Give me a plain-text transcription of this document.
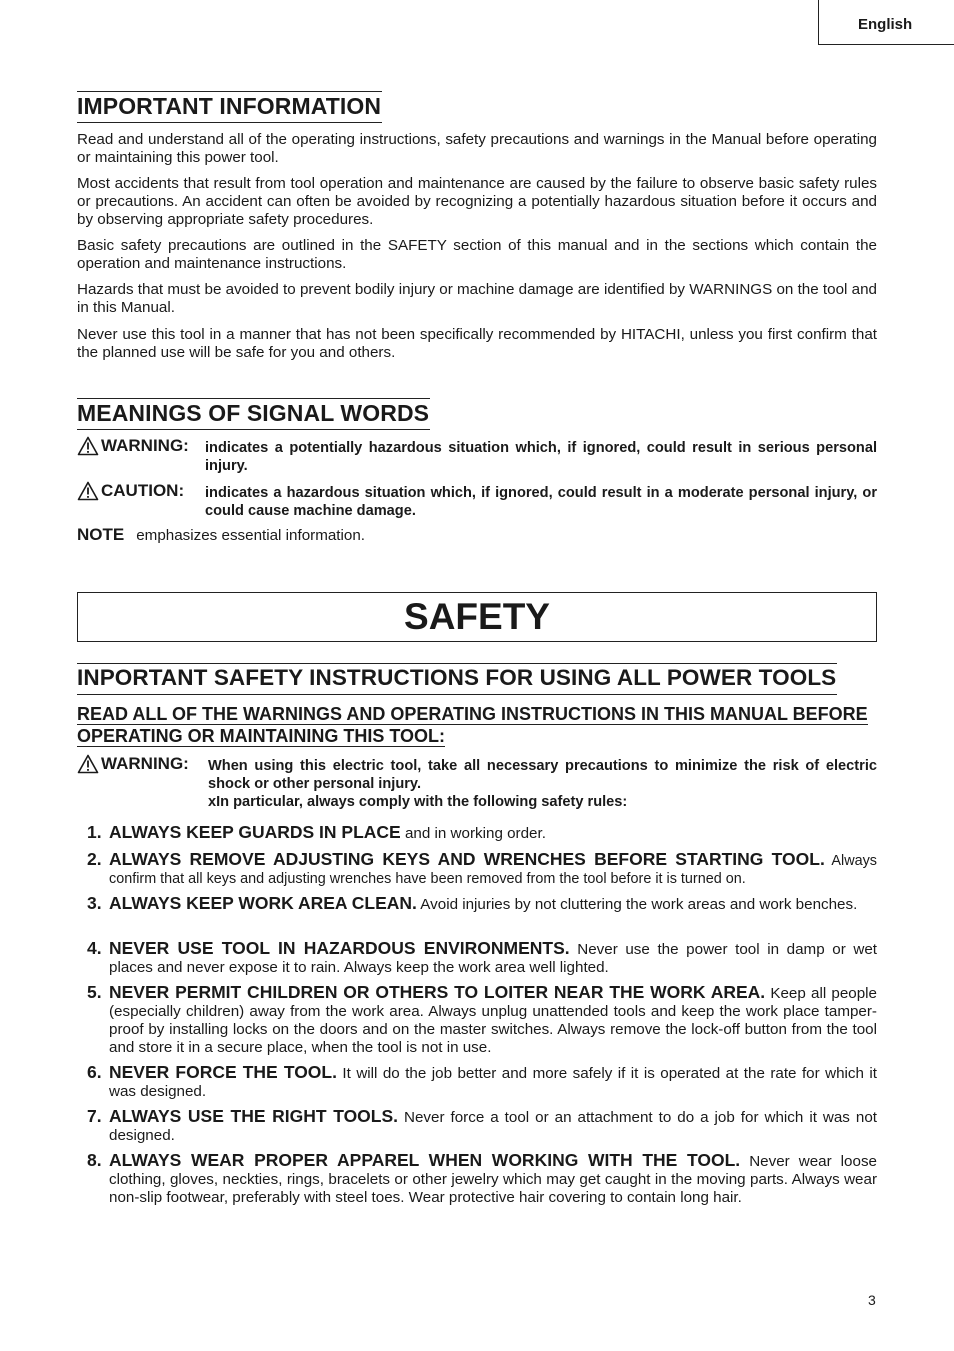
English
IMPORTANT INFORMATION

Read and understand all of the operating instructions, safety precautions and warnings in the Manual before operating or maintaining this power tool.

Most accidents that result from tool operation and maintenance are caused by the failure to observe basic safety rules or precautions. An accident can often be avoided by recognizing a potentially hazardous situation before it occurs and by observing appropriate safety procedures.

Basic safety precautions are outlined in the SAFETY section of this manual and in the sections which contain the operation and maintenance instructions.

Hazards that must be avoided to prevent bodily injury or machine damage are identified by WARNINGS on the tool and in this Manual.

Never use this tool in a manner that has not been specifically recommended by HITACHI, unless you first confirm that the planned use will be safe for you and others.

MEANINGS OF SIGNAL WORDS
WARNING: indicates a potentially hazardous situation which, if ignored, could result in serious personal injury.
CAUTION: indicates a hazardous situation which, if ignored, could result in a moderate personal injury, or could cause machine damage.
NOTE emphasizes essential information.
SAFETY
INPORTANT SAFETY INSTRUCTIONS FOR USING ALL POWER TOOLS

READ ALL OF THE WARNINGS AND OPERATING INSTRUCTIONS IN THIS MANUAL BEFORE OPERATING OR MAINTAINING THIS TOOL:

WARNING: When using this electric tool, take all necessary precautions to minimize the risk of electric shock or other personal injury.
xIn particular, always comply with the following safety rules:
1. ALWAYS KEEP GUARDS IN PLACE and in working order.
2. ALWAYS REMOVE ADJUSTING KEYS AND WRENCHES BEFORE STARTING TOOL. Always confirm that all keys and adjusting wrenches have been removed from the tool before it is turned on.
3. ALWAYS KEEP WORK AREA CLEAN. Avoid injuries by not cluttering the work areas and work benches.
4. NEVER USE TOOL IN HAZARDOUS ENVIRONMENTS. Never use the power tool in damp or wet places and never expose it to rain. Always keep the work area well lighted.
5. NEVER PERMIT CHILDREN OR OTHERS TO LOITER NEAR THE WORK AREA. Keep all people (especially children) away from the work area. Always unplug unattended tools and keep the work place tamper-proof by installing locks on the doors and on the master switches. Always remove the lock-off button from the tool and store it in a secure place, when the tool is not in use.
6. NEVER FORCE THE TOOL. It will do the job better and more safely if it is operated at the rate for which it was designed.
7. ALWAYS USE THE RIGHT TOOLS. Never force a tool or an attachment to do a job for which it was not designed.
8. ALWAYS WEAR PROPER APPAREL WHEN WORKING WITH THE TOOL. Never wear loose clothing, gloves, neckties, rings, bracelets or other jewelry which may get caught in the moving parts. Always wear non-slip footwear, preferably with steel toes. Wear protective hair covering to contain long hair.
3
